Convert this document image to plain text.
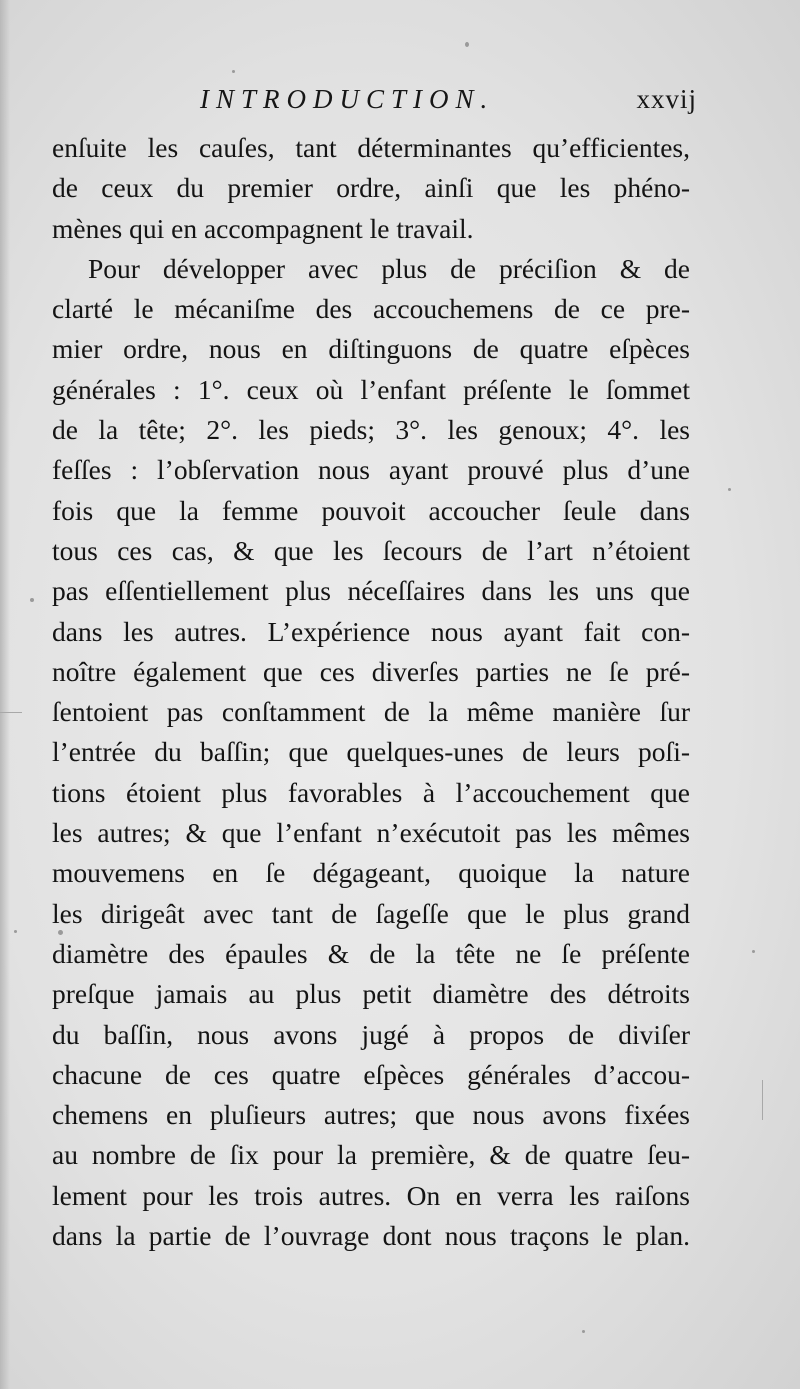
INTRODUCTION.	xxvij
enſuite les cauſes, tant déterminantes qu’efficientes,
de ceux du premier ordre, ainſi que les phéno-
mènes qui en accompagnent le travail.
Pour développer avec plus de préciſion & de
clarté le mécaniſme des accouchemens de ce pre-
mier ordre, nous en diſtinguons de quatre eſpèces
générales : 1°. ceux où l’enfant préſente le ſommet
de la tête; 2°. les pieds; 3°. les genoux; 4°. les
feſſes : l’obſervation nous ayant prouvé plus d’une
fois que la femme pouvoit accoucher ſeule dans
tous ces cas, & que les ſecours de l’art n’étoient
pas eſſentiellement plus néceſſaires dans les uns que
dans les autres. L’expérience nous ayant fait con-
noître également que ces diverſes parties ne ſe pré-
ſentoient pas conſtamment de la même manière ſur
l’entrée du baſſin; que quelques-unes de leurs poſi-
tions étoient plus favorables à l’accouchement que
les autres; & que l’enfant n’exécutoit pas les mêmes
mouvemens en ſe dégageant, quoique la nature
les dirigeât avec tant de ſageſſe que le plus grand
diamètre des épaules & de la tête ne ſe préſente
preſque jamais au plus petit diamètre des détroits
du baſſin, nous avons jugé à propos de diviſer
chacune de ces quatre eſpèces générales d’accou-
chemens en pluſieurs autres; que nous avons fixées
au nombre de ſix pour la première, & de quatre ſeu-
lement pour les trois autres. On en verra les raiſons
dans la partie de l’ouvrage dont nous traçons le plan.
